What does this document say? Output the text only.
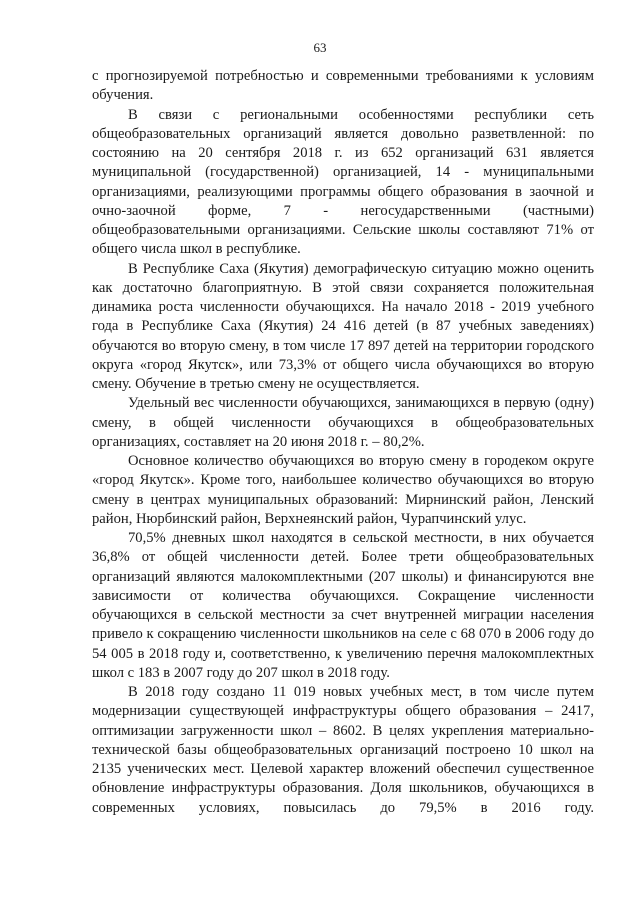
63

с прогнозируемой потребностью и современными требованиями к условиям обучения.

В связи с региональными особенностями республики сеть общеобразовательных организаций является довольно разветвленной: по состоянию на 20 сентября 2018 г. из 652 организаций 631 является муниципальной (государственной) организацией, 14 - муниципальными организациями, реализующими программы общего образования в заочной и очно-заочной форме, 7 - негосударственными (частными) общеобразовательными организациями. Сельские школы составляют 71% от общего числа школ в республике.

В Республике Саха (Якутия) демографическую ситуацию можно оценить как достаточно благоприятную. В этой связи сохраняется положительная динамика роста численности обучающихся. На начало 2018 - 2019 учебного года в Республике Саха (Якутия) 24 416 детей (в 87 учебных заведениях) обучаются во вторую смену, в том числе 17 897 детей на территории городского округа «город Якутск», или 73,3% от общего числа обучающихся во вторую смену. Обучение в третью смену не осуществляется.

Удельный вес численности обучающихся, занимающихся в первую (одну) смену, в общей численности обучающихся в общеобразовательных организациях, составляет на 20 июня 2018 г. – 80,2%.

Основное количество обучающихся во вторую смену в городеком округе «город Якутск». Кроме того, наибольшее количество обучающихся во вторую смену в центрах муниципальных образований: Мирнинский район, Ленский район, Нюрбинский район, Верхнеянский район, Чурапчинский улус.

70,5% дневных школ находятся в сельской местности, в них обучается 36,8% от общей численности детей. Более трети общеобразовательных организаций являются малокомплектными (207 школы) и финансируются вне зависимости от количества обучающихся. Сокращение численности обучающихся в сельской местности за счет внутренней миграции населения привело к сокращению численности школьников на селе с 68 070 в 2006 году до 54 005 в 2018 году и, соответственно, к увеличению перечня малокомплектных школ с 183 в 2007 году до 207 школ в 2018 году.

В 2018 году создано 11 019 новых учебных мест, в том числе путем модернизации существующей инфраструктуры общего образования – 2417, оптимизации загруженности школ – 8602. В целях укрепления материально-технической базы общеобразовательных организаций построено 10 школ на 2135 ученических мест. Целевой характер вложений обеспечил существенное обновление инфраструктуры образования. Доля школьников, обучающихся в современных условиях, повысилась до 79,5% в 2016 году.
